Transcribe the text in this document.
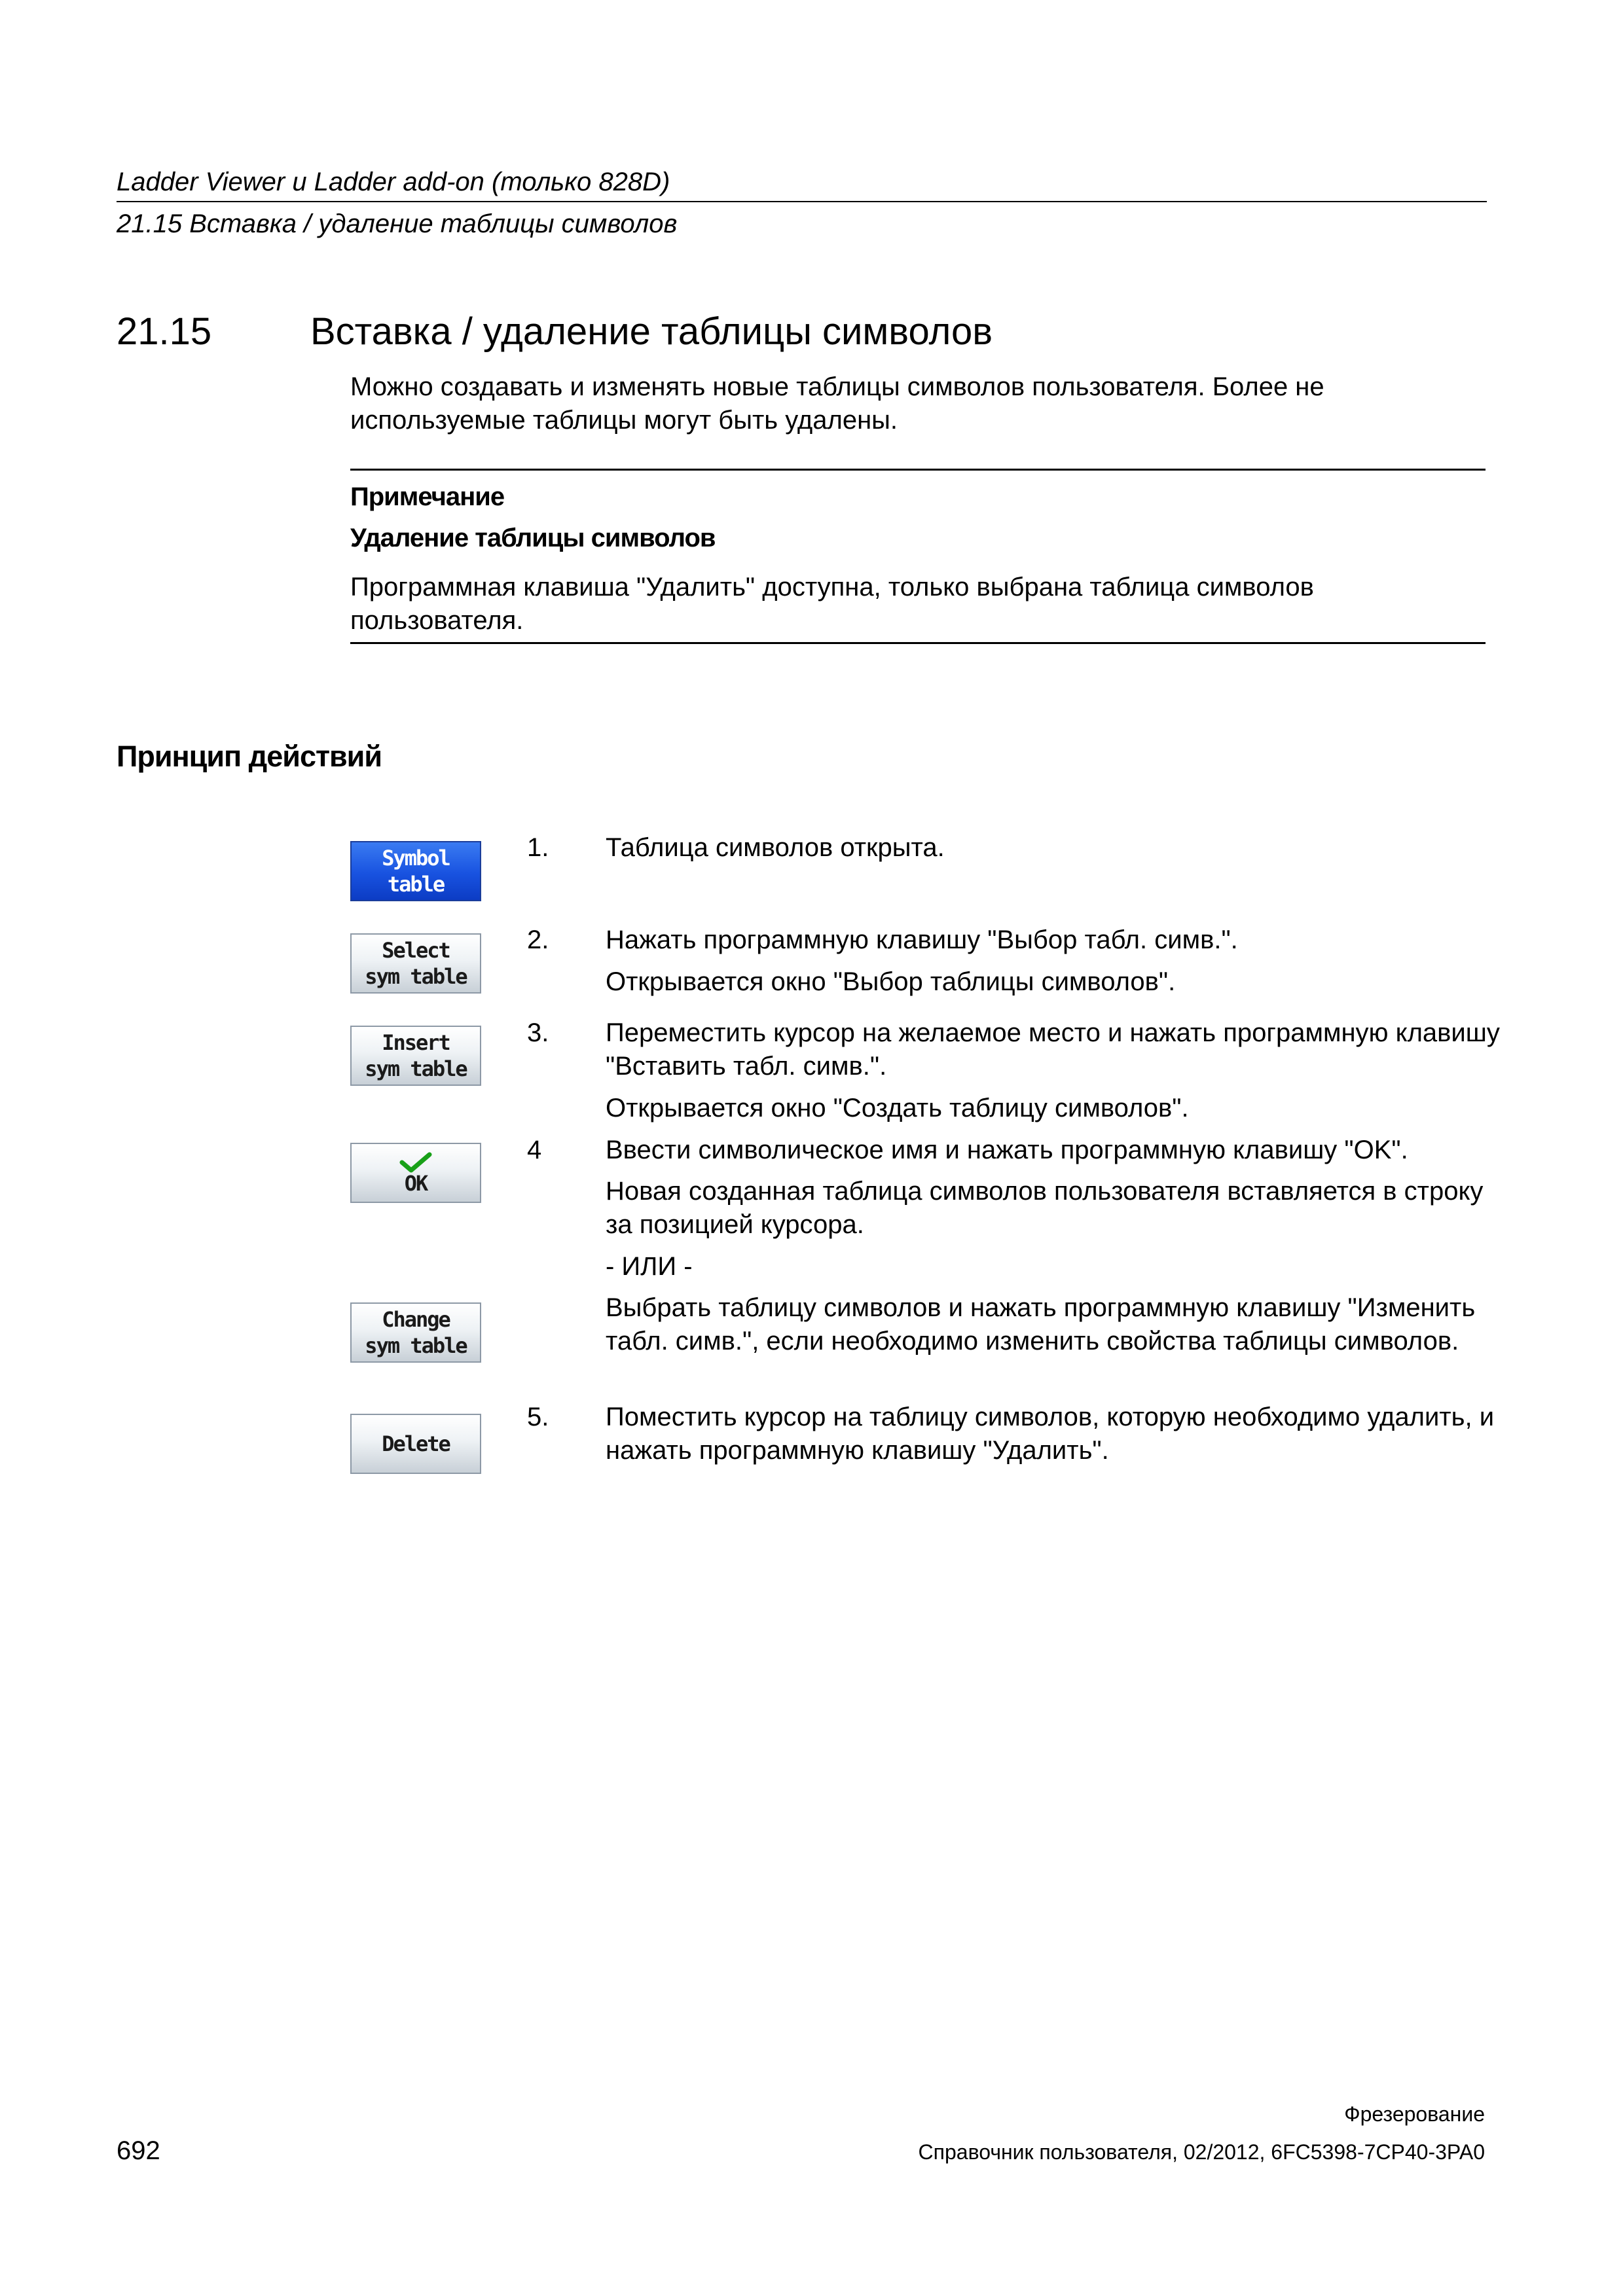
Ladder Viewer и Ladder add-on (только 828D)
21.15 Вставка / удаление таблицы символов
21.15	Вставка / удаление таблицы символов
Можно создавать и изменять новые таблицы символов пользователя. Более не используемые таблицы могут быть удалены.
Примечание
Удаление таблицы символов
Программная клавиша "Удалить" доступна, только выбрана таблица символов пользователя.
Принцип действий
Symbol
table
Select
sym table
Insert
sym table
OK
Change
sym table
Delete
1. Таблица символов открыта.
2. Нажать программную клавишу "Выбор табл. симв.".
Открывается окно "Выбор таблицы символов".
3. Переместить курсор на желаемое место и нажать программную клавишу "Вставить табл. симв.".
Открывается окно "Создать таблицу символов".
4 Ввести символическое имя и нажать программную клавишу "OK".
Новая созданная таблица символов пользователя вставляется в строку за позицией курсора.
- ИЛИ -
Выбрать таблицу символов и нажать программную клавишу "Изменить табл. симв.", если необходимо изменить свойства таблицы символов.
5. Поместить курсор на таблицу символов, которую необходимо удалить, и нажать программную клавишу "Удалить".
Фрезерование
692	Справочник пользователя, 02/2012, 6FC5398-7CP40-3PA0
